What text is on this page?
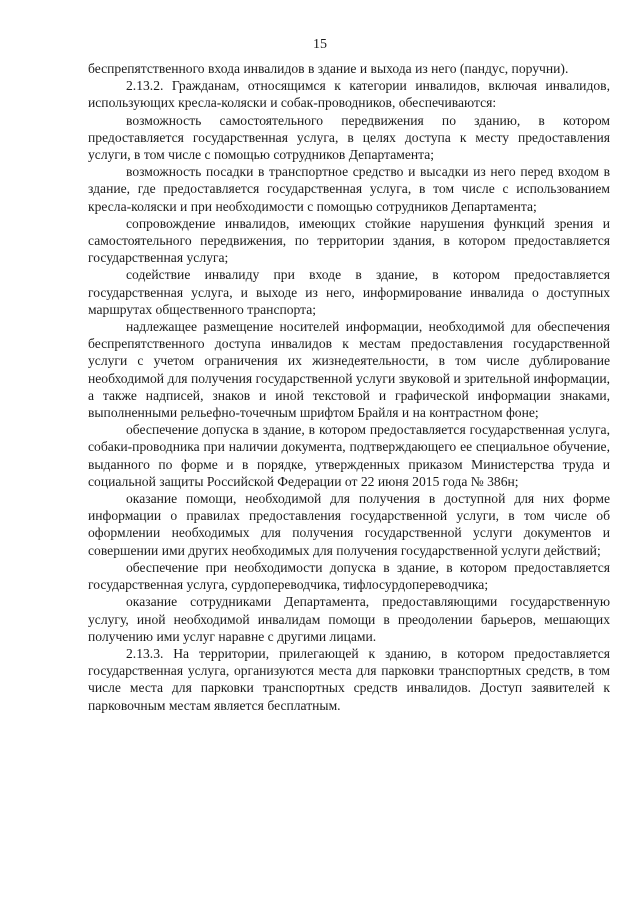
15

беспрепятственного входа инвалидов в здание и выхода из него (пандус, поручни).

2.13.2. Гражданам, относящимся к категории инвалидов, включая инвалидов, использующих кресла-коляски и собак-проводников, обеспечиваются:

возможность самостоятельного передвижения по зданию, в котором предоставляется государственная услуга, в целях доступа к месту предоставления услуги, в том числе с помощью сотрудников Департамента;

возможность посадки в транспортное средство и высадки из него перед входом в здание, где предоставляется государственная услуга, в том числе с использованием кресла-коляски и при необходимости с помощью сотрудников Департамента;

сопровождение инвалидов, имеющих стойкие нарушения функций зрения и самостоятельного передвижения, по территории здания, в котором предоставляется государственная услуга;

содействие инвалиду при входе в здание, в котором предоставляется государственная услуга, и выходе из него, информирование инвалида о доступных маршрутах общественного транспорта;

надлежащее размещение носителей информации, необходимой для обеспечения беспрепятственного доступа инвалидов к местам предоставления государственной услуги с учетом ограничения их жизнедеятельности, в том числе дублирование необходимой для получения государственной услуги звуковой и зрительной информации, а также надписей, знаков и иной текстовой и графической информации знаками, выполненными рельефно-точечным шрифтом Брайля и на контрастном фоне;

обеспечение допуска в здание, в котором предоставляется государственная услуга, собаки-проводника при наличии документа, подтверждающего ее специальное обучение, выданного по форме и в порядке, утвержденных приказом Министерства труда и социальной защиты Российской Федерации от 22 июня 2015 года № 386н;

оказание помощи, необходимой для получения в доступной для них форме информации о правилах предоставления государственной услуги, в том числе об оформлении необходимых для получения государственной услуги документов и совершении ими других необходимых для получения государственной услуги действий;

обеспечение при необходимости допуска в здание, в котором предоставляется государственная услуга, сурдопереводчика, тифлосурдопереводчика;

оказание сотрудниками Департамента, предоставляющими государственную услугу, иной необходимой инвалидам помощи в преодолении барьеров, мешающих получению ими услуг наравне с другими лицами.

2.13.3. На территории, прилегающей к зданию, в котором предоставляется государственная услуга, организуются места для парковки транспортных средств, в том числе места для парковки транспортных средств инвалидов. Доступ заявителей к парковочным местам является бесплатным.
